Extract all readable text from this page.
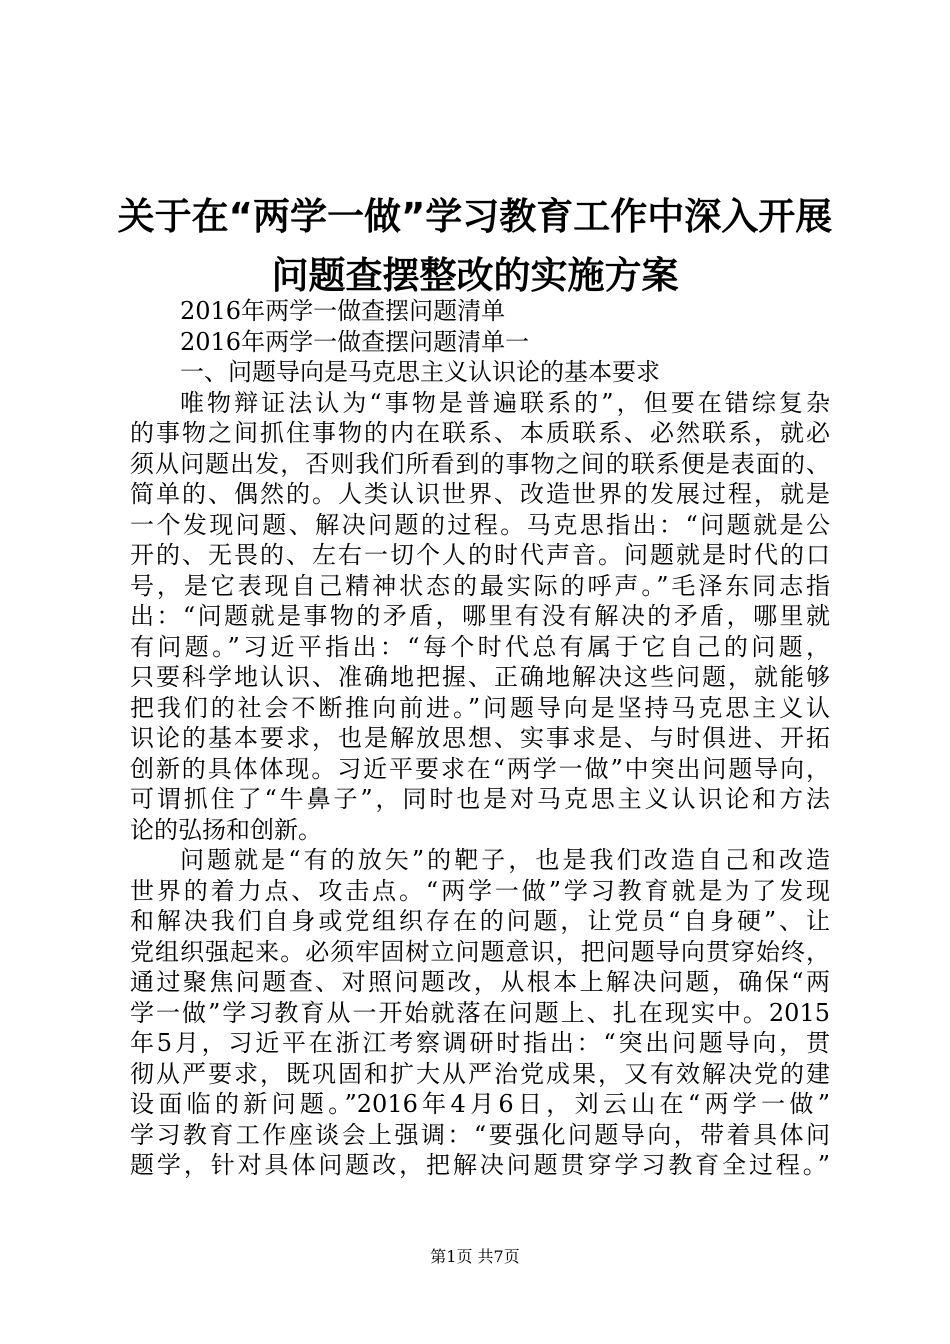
关于在“两学一做”学习教育工作中深入开展
问题查摆整改的实施方案
2016年两学一做查摆问题清单
2016年两学一做查摆问题清单一
一、问题导向是马克思主义认识论的基本要求
唯物辩证法认为“事物是普遍联系的”，但要在错综复杂
的事物之间抓住事物的内在联系、本质联系、必然联系，就必
须从问题出发，否则我们所看到的事物之间的联系便是表面的、
简单的、偶然的。人类认识世界、改造世界的发展过程，就是
一个发现问题、解决问题的过程。马克思指出：“问题就是公
开的、无畏的、左右一切个人的时代声音。问题就是时代的口
号，是它表现自己精神状态的最实际的呼声。”毛泽东同志指
出：“问题就是事物的矛盾，哪里有没有解决的矛盾，哪里就
有问题。”习近平指出：“每个时代总有属于它自己的问题，
只要科学地认识、准确地把握、正确地解决这些问题，就能够
把我们的社会不断推向前进。”问题导向是坚持马克思主义认
识论的基本要求，也是解放思想、实事求是、与时俱进、开拓
创新的具体体现。习近平要求在“两学一做”中突出问题导向，
可谓抓住了“牛鼻子”，同时也是对马克思主义认识论和方法
论的弘扬和创新。
问题就是“有的放矢”的靶子，也是我们改造自己和改造
世界的着力点、攻击点。“两学一做”学习教育就是为了发现
和解决我们自身或党组织存在的问题，让党员“自身硬”、让
党组织强起来。必须牢固树立问题意识，把问题导向贯穿始终，
通过聚焦问题查、对照问题改，从根本上解决问题，确保“两
学一做”学习教育从一开始就落在问题上、扎在现实中。2015
年5月，习近平在浙江考察调研时指出：“突出问题导向，贯
彻从严要求，既巩固和扩大从严治党成果，又有效解决党的建
设面临的新问题。”2016年4月6日，刘云山在“两学一做”
学习教育工作座谈会上强调：“要强化问题导向，带着具体问
题学，针对具体问题改，把解决问题贯穿学习教育全过程。”
第1页 共7页
